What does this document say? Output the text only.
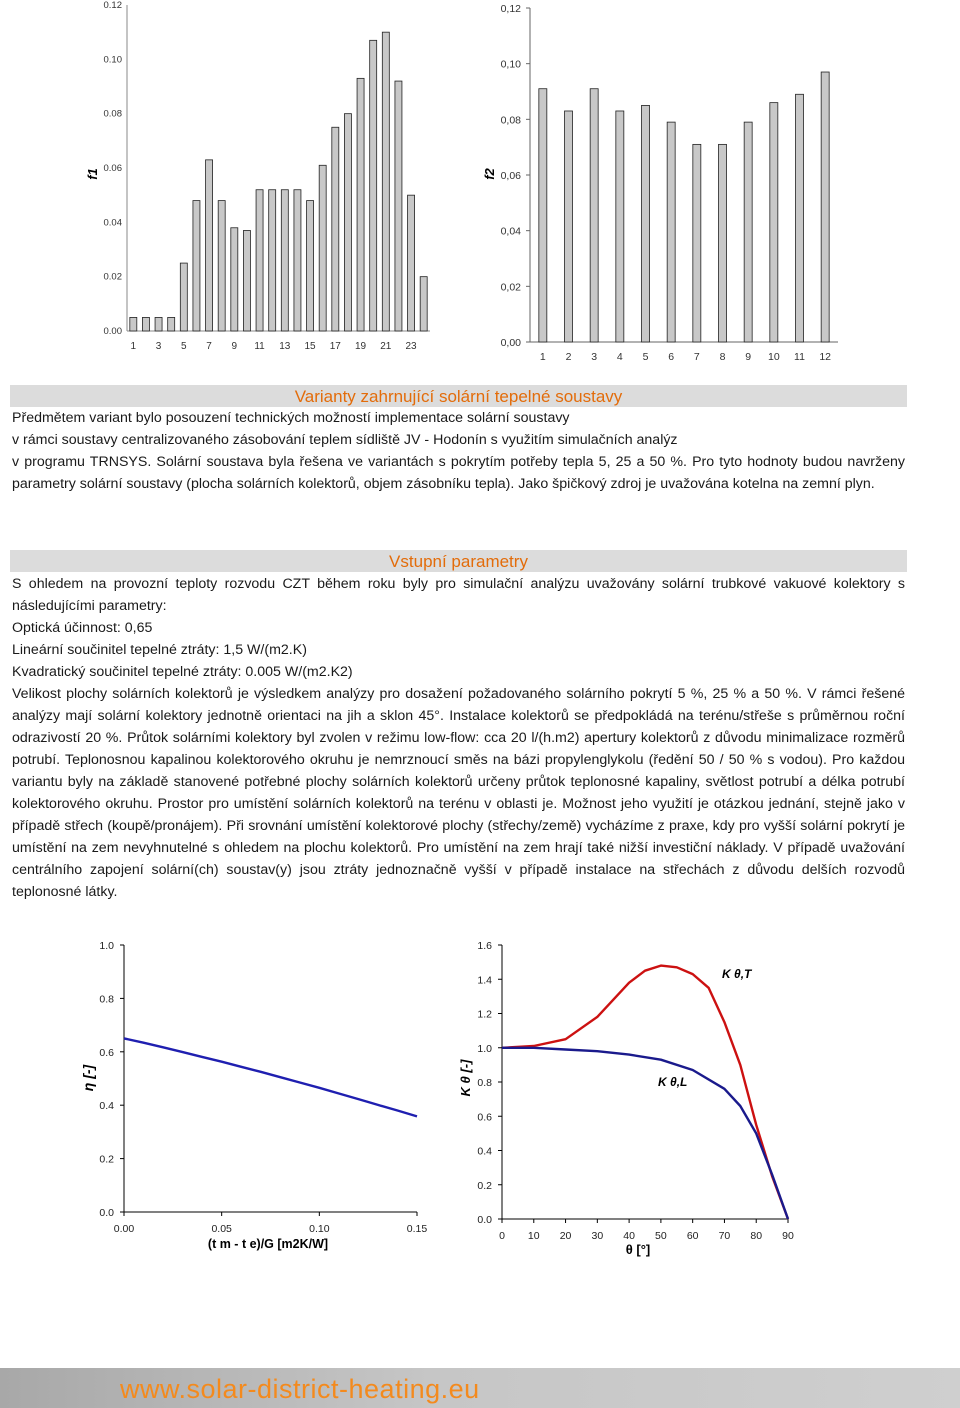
0.00
0.02
0.04
0.06
0.08
0.10
0.12
1 3 5 7 9 11 13 15 17 19 21 23
f1
0,00
0,02
0,04
0,06
0,08
0,10
0,12
1 2 3 4 5 6 7 8 9 10 11 12
f2
Varianty zahrnující solární tepelné soustavy

Předmětem variant bylo posouzení technických možností implementace solární soustavy
v rámci soustavy centralizovaného zásobování teplem sídliště JV - Hodonín s využitím simulačních analýz

v programu TRNSYS. Solární soustava byla řešena ve variantách s pokrytím potřeby tepla 5, 25 a 50 %. Pro tyto hodnoty budou navrženy parametry solární soustavy (plocha solárních kolektorů, objem zásobníku tepla). Jako špičkový zdroj je uvažována kotelna na zemní plyn.

Vstupní parametry

S ohledem na provozní teploty rozvodu CZT během roku byly pro simulační analýzu uvažovány solární trubkové vakuové kolektory s následujícími parametry:

Optická účinnost: 0,65
Lineární součinitel tepelné ztráty: 1,5 W/(m2.K)
Kvadratický součinitel tepelné ztráty: 0.005 W/(m2.K2)

Velikost plochy solárních kolektorů je výsledkem analýzy pro dosažení požadovaného solárního pokrytí 5 %, 25 % a 50 %. V rámci řešené analýzy mají solární kolektory jednotně orientaci na jih a sklon 45°. Instalace kolektorů se předpokládá na terénu/střeše s průměrnou roční odrazivostí 20 %. Průtok solárními kolektory byl zvolen v režimu low-flow: cca 20 l/(h.m2) apertury kolektorů z důvodu minimalizace rozměrů potrubí. Teplonosnou kapalinou kolektorového okruhu je nemrznoucí směs na bázi propylenglykolu (ředění 50 / 50 % s vodou). Pro každou variantu byly na základě stanovené potřebné plochy solárních kolektorů určeny průtok teplonosné kapaliny, světlost potrubí a délka potrubí kolektorového okruhu. Prostor pro umístění solárních kolektorů na terénu v oblasti je. Možnost jeho využití je otázkou jednání, stejně jako v případě střech (koupě/pronájem). Při srovnání umístění kolektorové plochy (střechy/země) vycházíme z praxe, kdy pro vyšší solární pokrytí je umístění na zem nevyhnutelné s ohledem na plochu kolektorů. Pro umístění na zem hrají také nižší investiční náklady. V případě uvažování centrálního zapojení solární(ch) soustav(y) jsou ztráty jednoznačně vyšší v případě instalace na střechách z důvodu delších rozvodů teplonosné látky.

0.0
0.2
0.4
0.6
0.8
1.0
0.00	0.05	0.10	0.15
η [-]
(t m - t e)/G [m2K/W]
0.0
0.2
0.4
0.6
0.8
1.0
1.2
1.4
1.6
0 10 20 30 40 50 60 70 80 90
K θ [-]
θ [°]
K θ,T
K θ,L
www.solar-district-heating.eu
